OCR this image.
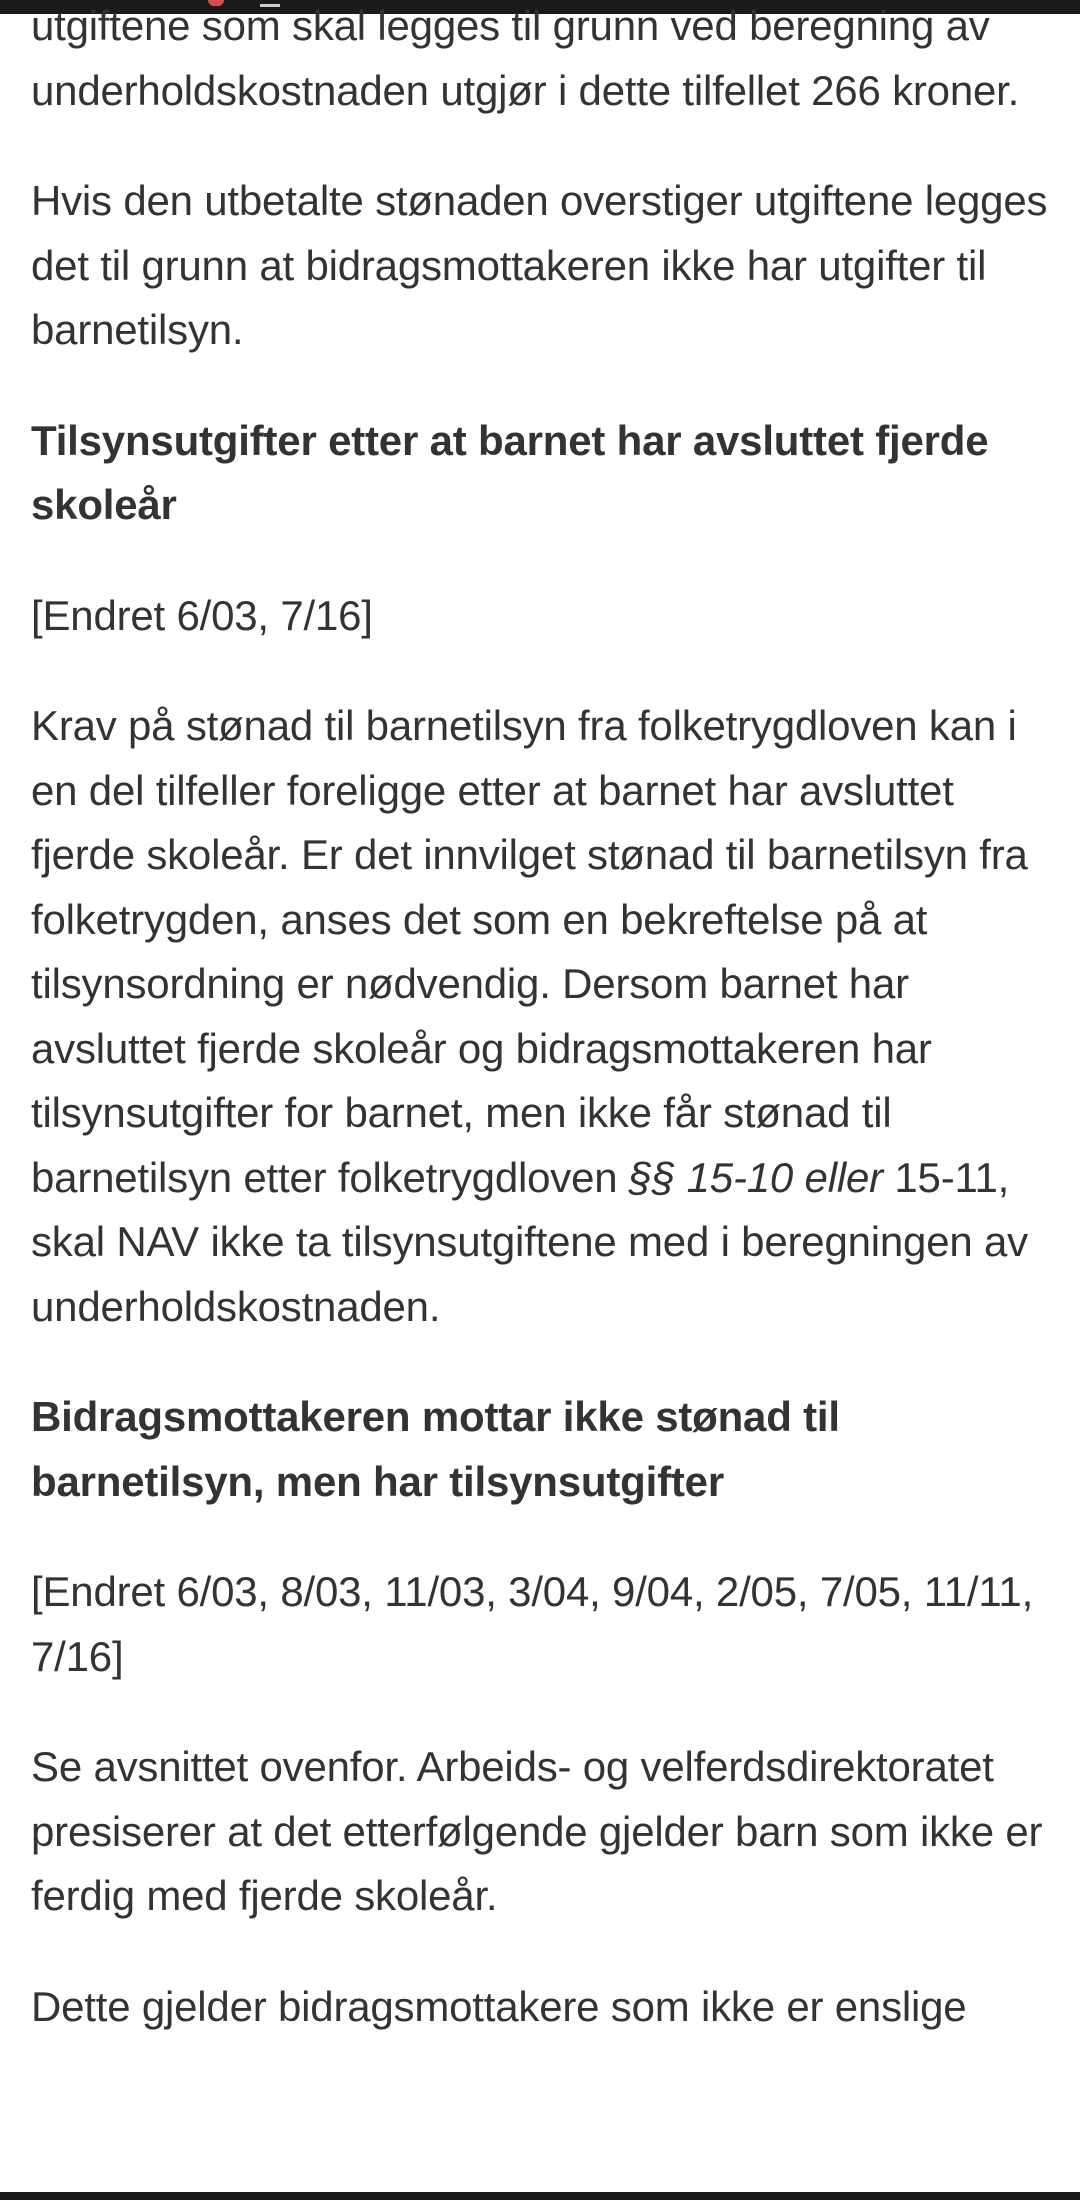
utgiftene som skal legges til grunn ved beregning av underholdskostnaden utgjør i dette tilfellet 266 kroner.

Hvis den utbetalte stønaden overstiger utgiftene legges det til grunn at bidragsmottakeren ikke har utgifter til barnetilsyn.

Tilsynsutgifter etter at barnet har avsluttet fjerde skoleår

[Endret 6/03, 7/16]

Krav på stønad til barnetilsyn fra folketrygdloven kan i en del tilfeller foreligge etter at barnet har avsluttet fjerde skoleår. Er det innvilget stønad til barnetilsyn fra folketrygden, anses det som en bekreftelse på at tilsynsordning er nødvendig. Dersom barnet har avsluttet fjerde skoleår og bidragsmottakeren har tilsynsutgifter for barnet, men ikke får stønad til barnetilsyn etter folketrygdloven §§ 15-10 eller 15-11, skal NAV ikke ta tilsynsutgiftene med i beregningen av underholdskostnaden.

Bidragsmottakeren mottar ikke stønad til barnetilsyn, men har tilsynsutgifter

[Endret 6/03, 8/03, 11/03, 3/04, 9/04, 2/05, 7/05, 11/11, 7/16]

Se avsnittet ovenfor. Arbeids- og velferdsdirektoratet presiserer at det etterfølgende gjelder barn som ikke er ferdig med fjerde skoleår.

Dette gjelder bidragsmottakere som ikke er enslige
